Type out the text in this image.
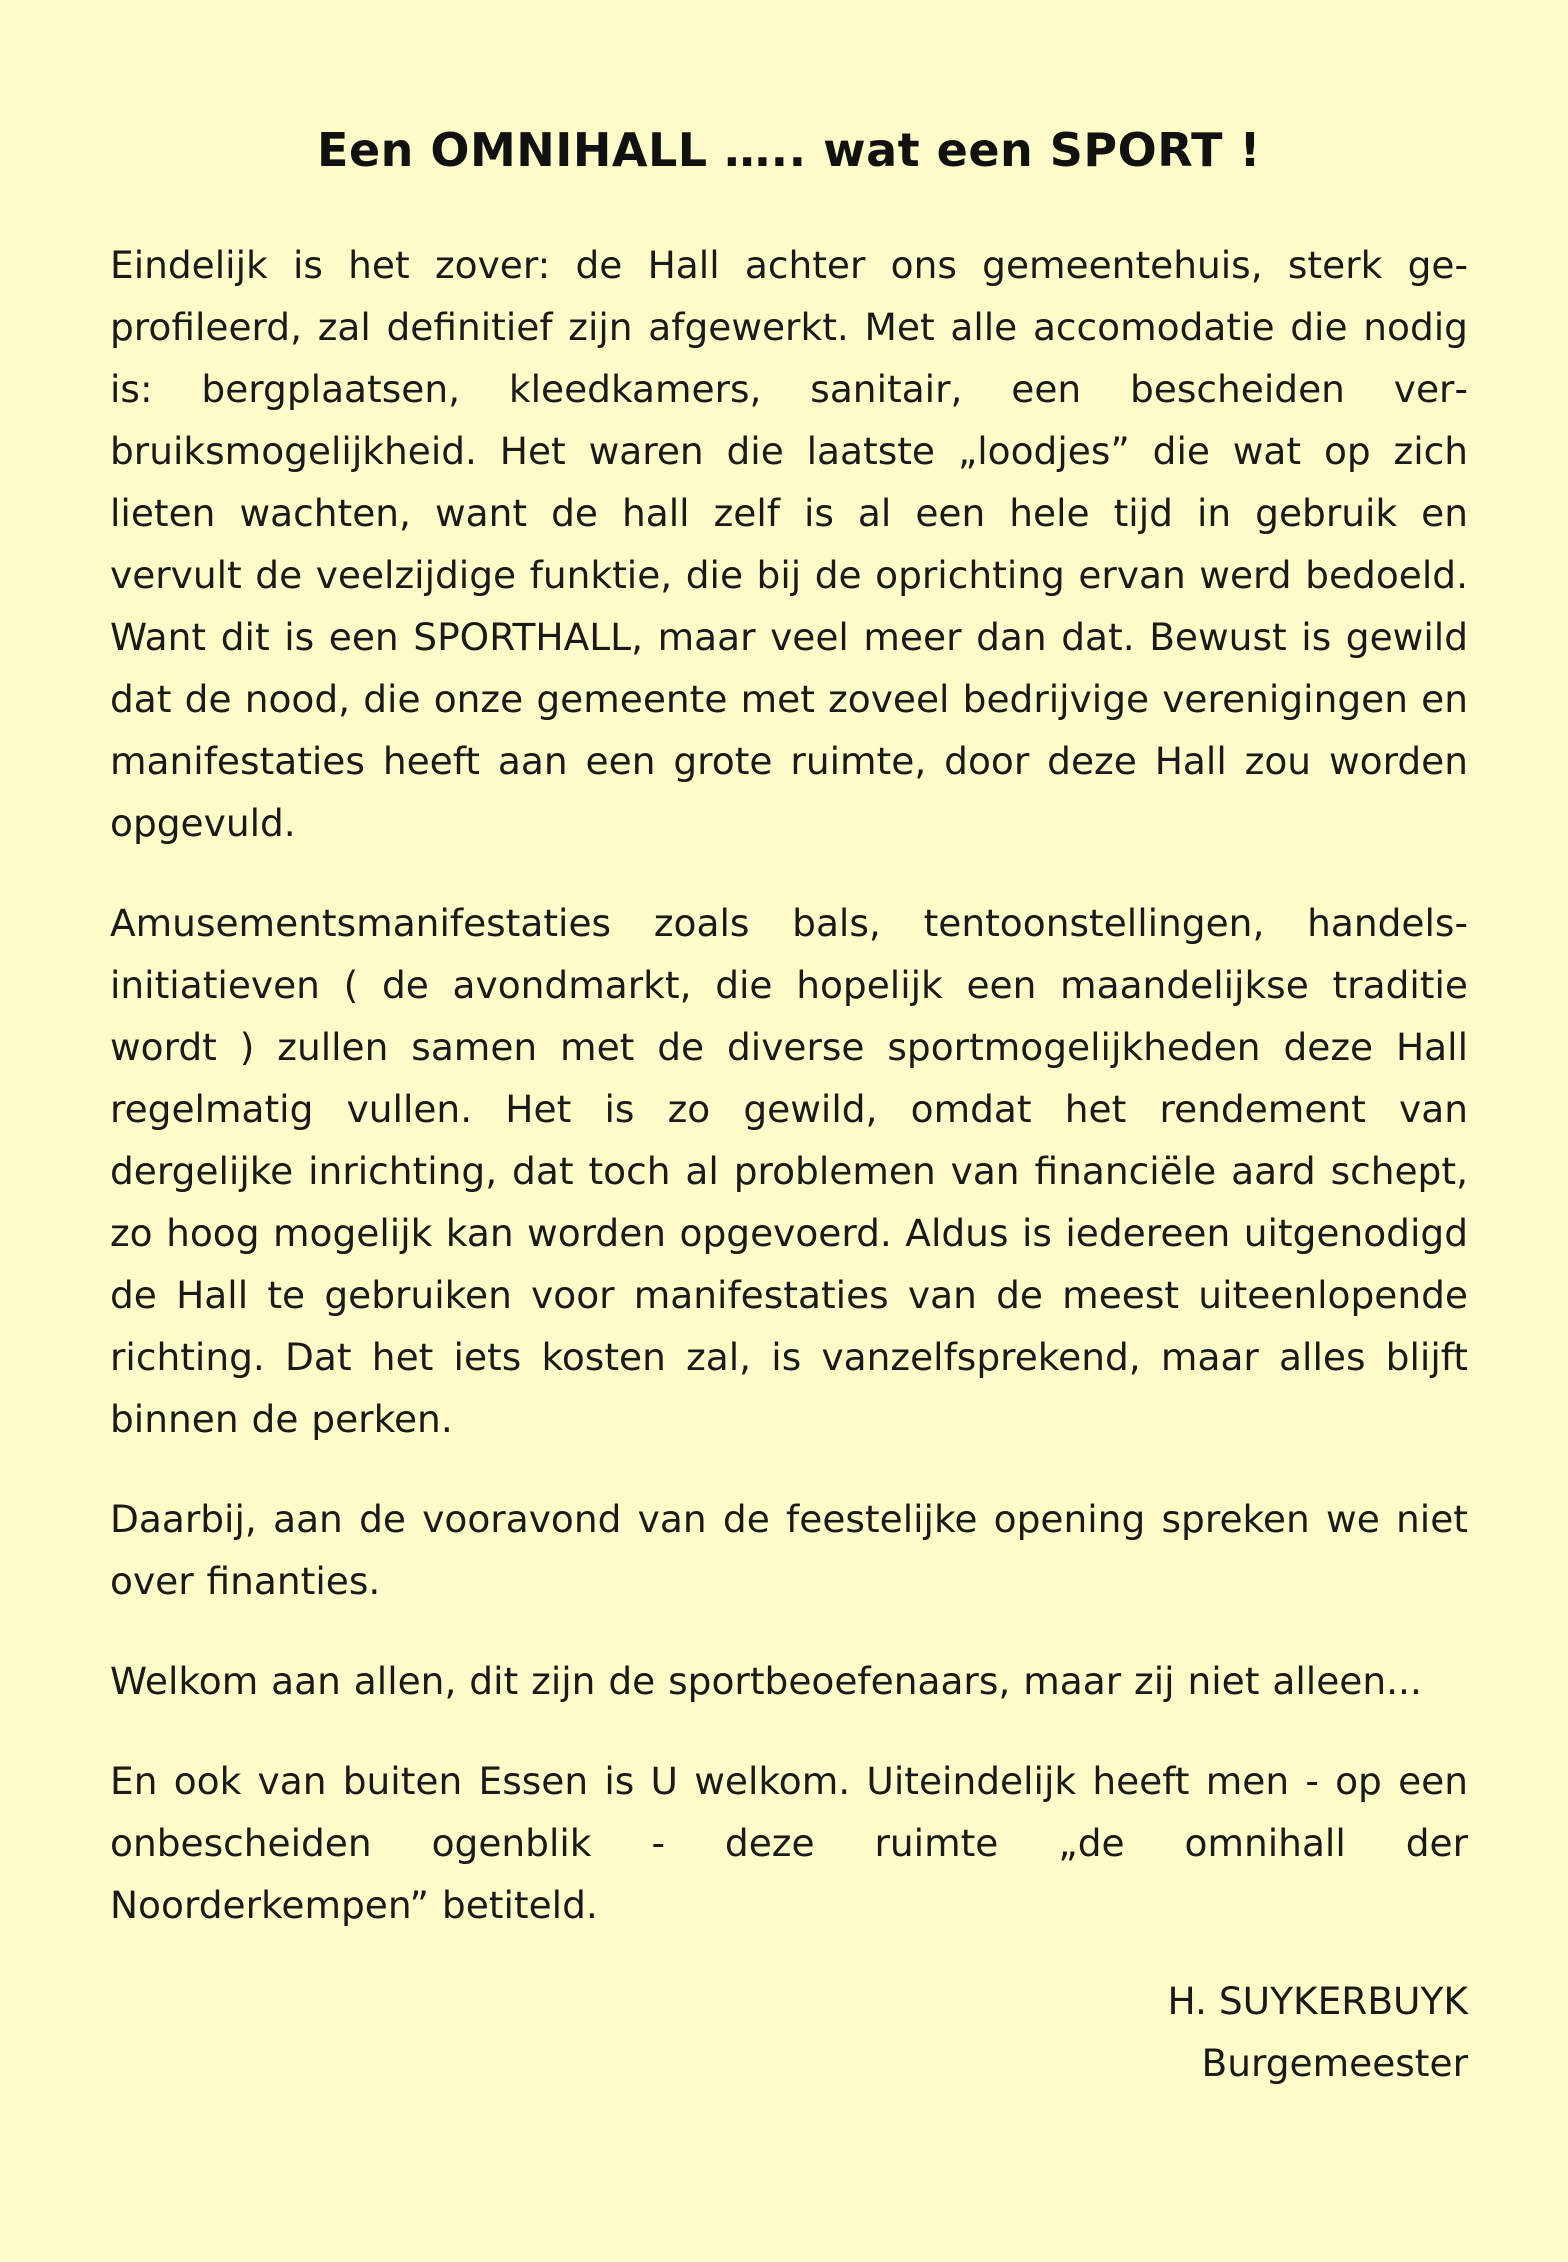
Een OMNIHALL ….. wat een SPORT !

Eindelijk is het zover: de Hall achter ons gemeentehuis, sterk geprofileerd, zal definitief zijn afgewerkt. Met alle accomodatie die nodig is: bergplaatsen, kleedkamers, sanitair, een bescheiden verbruiksmogelijkheid. Het waren die laatste „loodjes” die wat op zich lieten wachten, want de hall zelf is al een hele tijd in gebruik en vervult de veelzijdige funktie, die bij de oprichting ervan werd bedoeld. Want dit is een SPORTHALL, maar veel meer dan dat. Bewust is gewild dat de nood, die onze gemeente met zoveel bedrijvige verenigingen en manifestaties heeft aan een grote ruimte, door deze Hall zou worden opgevuld.

Amusementsmanifestaties zoals bals, tentoonstellingen, handels-initiatieven ( de avondmarkt, die hopelijk een maandelijkse traditie wordt ) zullen samen met de diverse sportmogelijkheden deze Hall regelmatig vullen. Het is zo gewild, omdat het rendement van dergelijke inrichting, dat toch al problemen van financiële aard schept, zo hoog mogelijk kan worden opgevoerd. Aldus is iedereen uitgenodigd de Hall te gebruiken voor manifestaties van de meest uiteenlopende richting. Dat het iets kosten zal, is vanzelfsprekend, maar alles blijft binnen de perken.

Daarbij, aan de vooravond van de feestelijke opening spreken we niet over finanties.

Welkom aan allen, dit zijn de sportbeoefenaars, maar zij niet alleen...

En ook van buiten Essen is U welkom. Uiteindelijk heeft men - op een onbescheiden ogenblik - deze ruimte „de omnihall der Noorderkempen” betiteld.

H. SUYKERBUYK
Burgemeester
